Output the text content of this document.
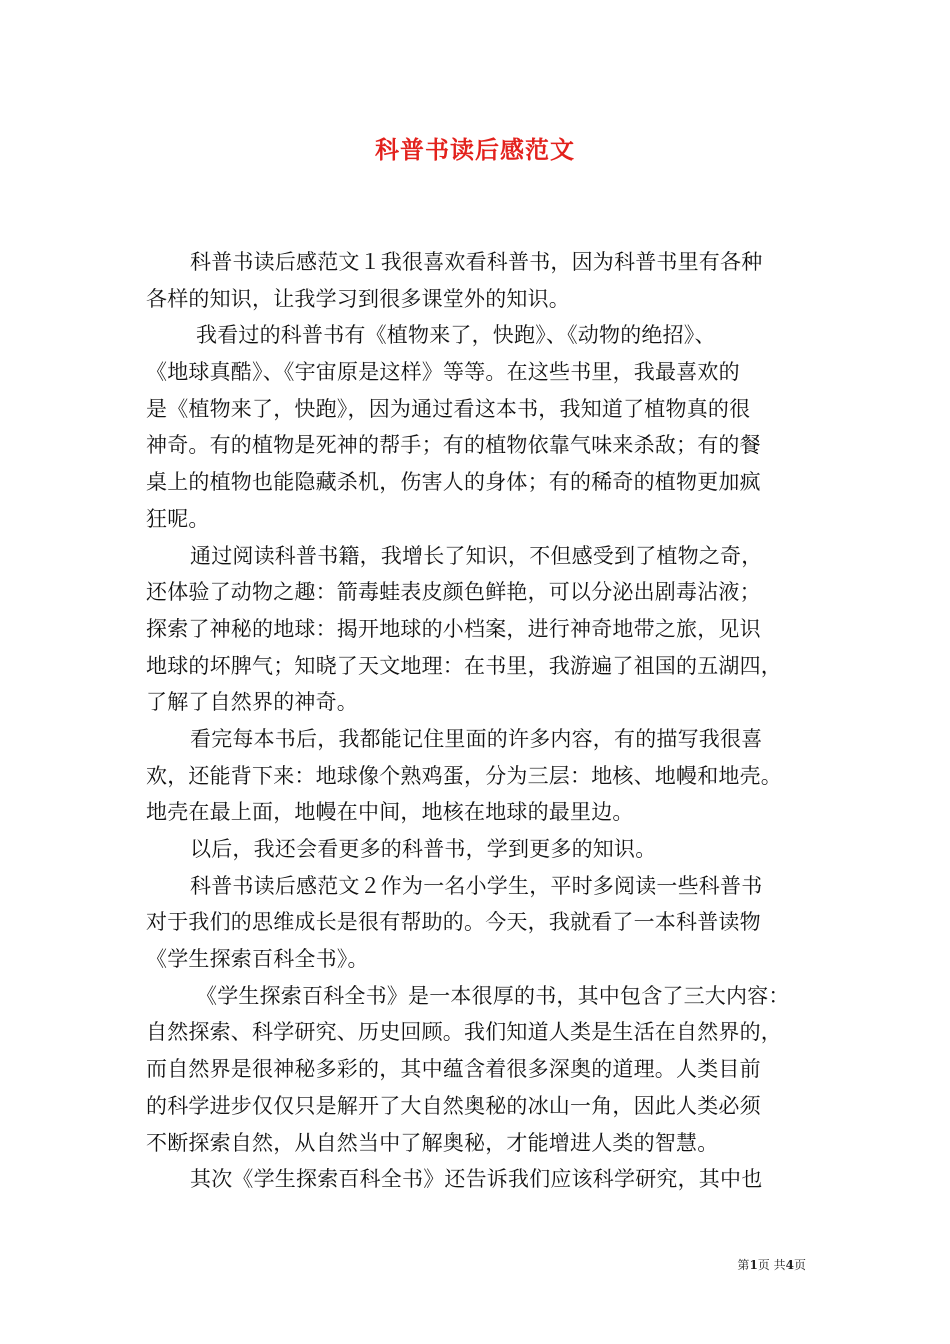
科普书读后感范文
科普书读后感范文１我很喜欢看科普书，因为科普书里有各种
各样的知识，让我学习到很多课堂外的知识。
我看过的科普书有《植物来了，快跑》、《动物的绝招》、
《地球真酷》、《宇宙原是这样》等等。在这些书里，我最喜欢的
是《植物来了，快跑》，因为通过看这本书，我知道了植物真的很
神奇。有的植物是死神的帮手；有的植物依靠气味来杀敌；有的餐
桌上的植物也能隐藏杀机，伤害人的身体；有的稀奇的植物更加疯
狂呢。
通过阅读科普书籍，我增长了知识，不但感受到了植物之奇，
还体验了动物之趣：箭毒蛙表皮颜色鲜艳，可以分泌出剧毒沾液；
探索了神秘的地球：揭开地球的小档案，进行神奇地带之旅，见识
地球的坏脾气；知晓了天文地理：在书里，我游遍了祖国的五湖四，
了解了自然界的神奇。
看完每本书后，我都能记住里面的许多内容，有的描写我很喜
欢，还能背下来：地球像个熟鸡蛋，分为三层：地核、地幔和地壳。
地壳在最上面，地幔在中间，地核在地球的最里边。
以后，我还会看更多的科普书，学到更多的知识。
科普书读后感范文２作为一名小学生，平时多阅读一些科普书
对于我们的思维成长是很有帮助的。今天，我就看了一本科普读物
《学生探索百科全书》。
《学生探索百科全书》是一本很厚的书，其中包含了三大内容：
自然探索、科学研究、历史回顾。我们知道人类是生活在自然界的，
而自然界是很神秘多彩的，其中蕴含着很多深奥的道理。人类目前
的科学进步仅仅只是解开了大自然奥秘的冰山一角，因此人类必须
不断探索自然，从自然当中了解奥秘，才能增进人类的智慧。
其次《学生探索百科全书》还告诉我们应该科学研究，其中也
第1页 共4页
